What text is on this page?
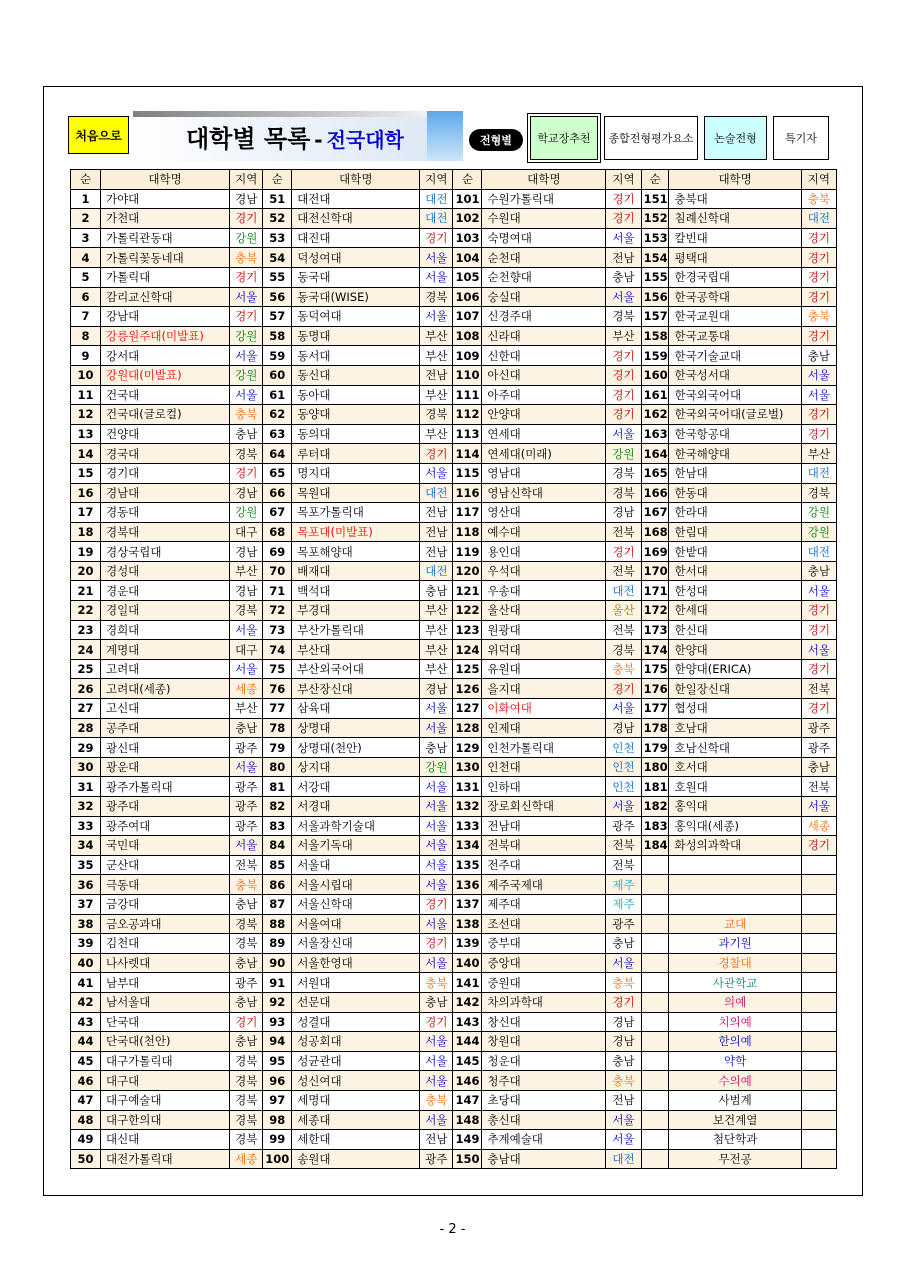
처음으로	대학별 목록 - 전국대학	전형별	학교장추천	종합전형평가요소	논술전형	특기자
순	대학명	지역	순	대학명	지역	순	대학명	지역	순	대학명	지역
1	가야대	경남	51	대전대	대전	101	수원가톨릭대	경기	151	충북대	충북
2	가천대	경기	52	대전신학대	대전	102	수원대	경기	152	침례신학대	대전
3	가톨릭관동대	강원	53	대진대	경기	103	숙명여대	서울	153	칼빈대	경기
4	가톨릭꽃동네대	충북	54	덕성여대	서울	104	순천대	전남	154	평택대	경기
5	가톨릭대	경기	55	동국대	서울	105	순천향대	충남	155	한경국립대	경기
6	감리교신학대	서울	56	동국대(WISE)	경북	106	숭실대	서울	156	한국공학대	경기
7	강남대	경기	57	동덕여대	서울	107	신경주대	경북	157	한국교원대	충북
8	강릉원주대(미발표)	강원	58	동명대	부산	108	신라대	부산	158	한국교통대	경기
9	강서대	서울	59	동서대	부산	109	신한대	경기	159	한국기술교대	충남
10	강원대(미발표)	강원	60	동신대	전남	110	아신대	경기	160	한국성서대	서울
11	건국대	서울	61	동아대	부산	111	아주대	경기	161	한국외국어대	서울
12	건국대(글로컬)	충북	62	동양대	경북	112	안양대	경기	162	한국외국어대(글로벌)	경기
13	건양대	충남	63	동의대	부산	113	연세대	서울	163	한국항공대	경기
14	경국대	경북	64	루터대	경기	114	연세대(미래)	강원	164	한국해양대	부산
15	경기대	경기	65	명지대	서울	115	영남대	경북	165	한남대	대전
16	경남대	경남	66	목원대	대전	116	영남신학대	경북	166	한동대	경북
17	경동대	강원	67	목포가톨릭대	전남	117	영산대	경남	167	한라대	강원
18	경북대	대구	68	목포대(미발표)	전남	118	예수대	전북	168	한림대	강원
19	경상국립대	경남	69	목포해양대	전남	119	용인대	경기	169	한밭대	대전
20	경성대	부산	70	배재대	대전	120	우석대	전북	170	한서대	충남
21	경운대	경남	71	백석대	충남	121	우송대	대전	171	한성대	서울
22	경일대	경북	72	부경대	부산	122	울산대	울산	172	한세대	경기
23	경희대	서울	73	부산가톨릭대	부산	123	원광대	전북	173	한신대	경기
24	계명대	대구	74	부산대	부산	124	위덕대	경북	174	한양대	서울
25	고려대	서울	75	부산외국어대	부산	125	유원대	충북	175	한양대(ERICA)	경기
26	고려대(세종)	세종	76	부산장신대	경남	126	을지대	경기	176	한일장신대	전북
27	고신대	부산	77	삼육대	서울	127	이화여대	서울	177	협성대	경기
28	공주대	충남	78	상명대	서울	128	인제대	경남	178	호남대	광주
29	광신대	광주	79	상명대(천안)	충남	129	인천가톨릭대	인천	179	호남신학대	광주
30	광운대	서울	80	상지대	강원	130	인천대	인천	180	호서대	충남
31	광주가톨릭대	광주	81	서강대	서울	131	인하대	인천	181	호원대	전북
32	광주대	광주	82	서경대	서울	132	장로회신학대	서울	182	홍익대	서울
33	광주여대	광주	83	서울과학기술대	서울	133	전남대	광주	183	홍익대(세종)	세종
34	국민대	서울	84	서울기독대	서울	134	전북대	전북	184	화성의과학대	경기
35	군산대	전북	85	서울대	서울	135	전주대	전북			
36	극동대	충북	86	서울시립대	서울	136	제주국제대	제주			
37	금강대	충남	87	서울신학대	경기	137	제주대	제주			
38	금오공과대	경북	88	서울여대	서울	138	조선대	광주		교대	
39	김천대	경북	89	서울장신대	경기	139	중부대	충남		과기원	
40	나사렛대	충남	90	서울한영대	서울	140	중앙대	서울		경찰대	
41	남부대	광주	91	서원대	충북	141	중원대	충북		사관학교	
42	남서울대	충남	92	선문대	충남	142	차의과학대	경기		의예	
43	단국대	경기	93	성결대	경기	143	창신대	경남		치의예	
44	단국대(천안)	충남	94	성공회대	서울	144	창원대	경남		한의예	
45	대구가톨릭대	경북	95	성균관대	서울	145	청운대	충남		약학	
46	대구대	경북	96	성신여대	서울	146	청주대	충북		수의예	
47	대구예술대	경북	97	세명대	충북	147	초당대	전남		사범계	
48	대구한의대	경북	98	세종대	서울	148	총신대	서울		보건계열	
49	대신대	경북	99	세한대	전남	149	추계예술대	서울		첨단학과	
50	대전가톨릭대	세종	100	송원대	광주	150	충남대	대전		무전공	
- 2 -
